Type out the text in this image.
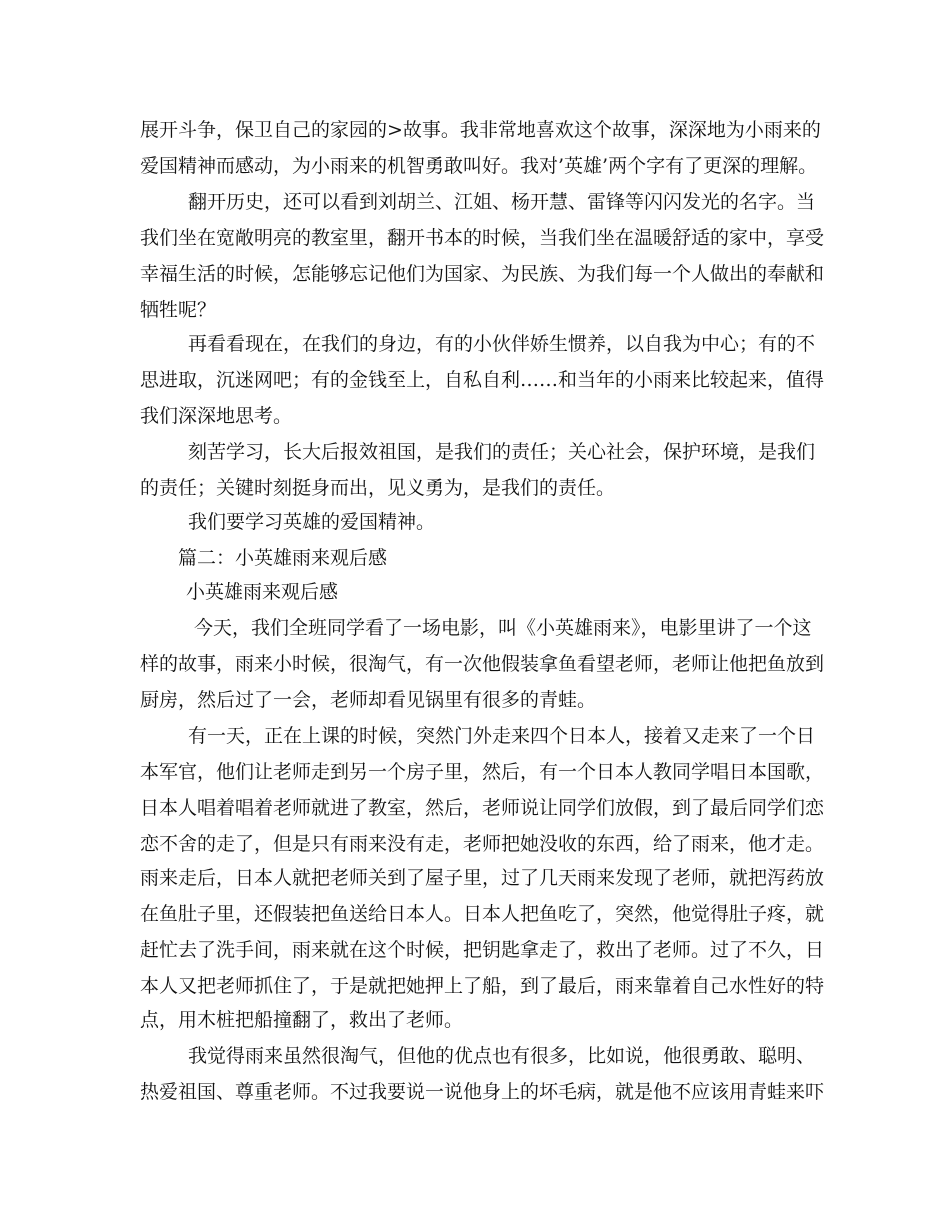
展开斗争，保卫自己的家园的>故事。我非常地喜欢这个故事，深深地为小雨来的
爱国精神而感动，为小雨来的机智勇敢叫好。我对’英雄’两个字有了更深的理解。
翻开历史，还可以看到刘胡兰、江姐、杨开慧、雷锋等闪闪发光的名字。当
我们坐在宽敞明亮的教室里，翻开书本的时候，当我们坐在温暖舒适的家中，享受
幸福生活的时候，怎能够忘记他们为国家、为民族、为我们每一个人做出的奉献和
牺牲呢？
再看看现在，在我们的身边，有的小伙伴娇生惯养，以自我为中心；有的不
思进取，沉迷网吧；有的金钱至上，自私自利……和当年的小雨来比较起来，值得
我们深深地思考。
刻苦学习，长大后报效祖国，是我们的责任；关心社会，保护环境，是我们
的责任；关键时刻挺身而出，见义勇为，是我们的责任。
我们要学习英雄的爱国精神。
篇二：小英雄雨来观后感
小英雄雨来观后感
今天，我们全班同学看了一场电影，叫《小英雄雨来》，电影里讲了一个这
样的故事，雨来小时候，很淘气，有一次他假装拿鱼看望老师，老师让他把鱼放到
厨房，然后过了一会，老师却看见锅里有很多的青蛙。
有一天，正在上课的时候，突然门外走来四个日本人，接着又走来了一个日
本军官，他们让老师走到另一个房子里，然后，有一个日本人教同学唱日本国歌，
日本人唱着唱着老师就进了教室，然后，老师说让同学们放假，到了最后同学们恋
恋不舍的走了，但是只有雨来没有走，老师把她没收的东西，给了雨来，他才走。
雨来走后，日本人就把老师关到了屋子里，过了几天雨来发现了老师，就把泻药放
在鱼肚子里，还假装把鱼送给日本人。日本人把鱼吃了，突然，他觉得肚子疼，就
赶忙去了洗手间，雨来就在这个时候，把钥匙拿走了，救出了老师。过了不久，日
本人又把老师抓住了，于是就把她押上了船，到了最后，雨来靠着自己水性好的特
点，用木桩把船撞翻了，救出了老师。
我觉得雨来虽然很淘气，但他的优点也有很多，比如说，他很勇敢、聪明、
热爱祖国、尊重老师。不过我要说一说他身上的坏毛病，就是他不应该用青蛙来吓
